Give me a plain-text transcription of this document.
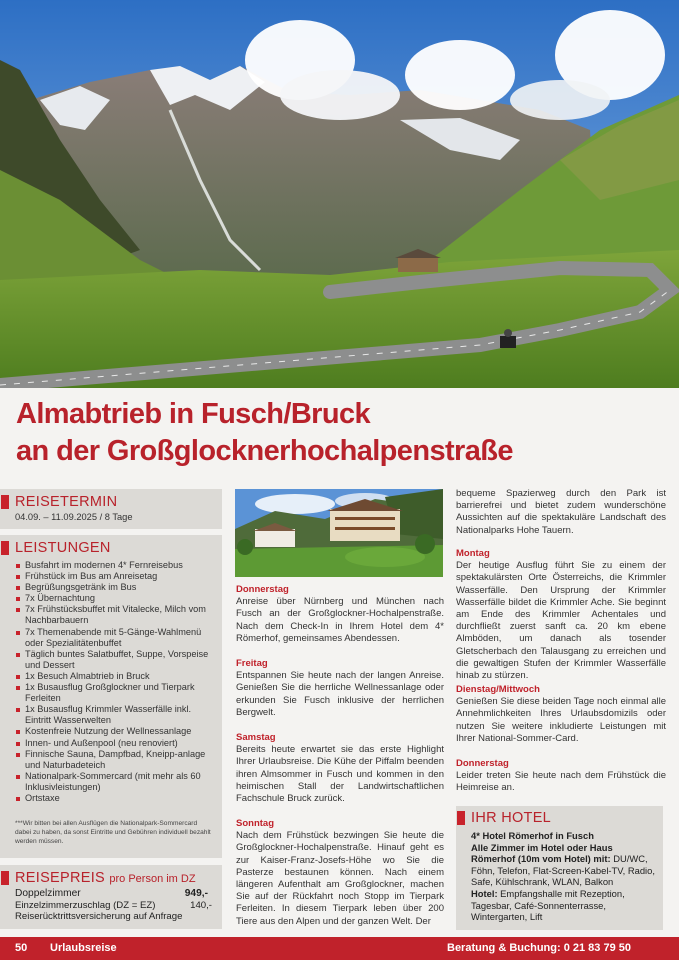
Almabtrieb in Fusch/Bruck
an der Großglocknerhochalpenstraße
REISETERMIN
04.09. – 11.09.2025 / 8 Tage
LEISTUNGEN
Busfahrt im modernen 4* Fernreisebus
Frühstück im Bus am Anreisetag
Begrüßungsgetränk im Bus
7x Übernachtung
7x Frühstücksbuffet mit Vitalecke, Milch vom Nachbarbauern
7x Themenabende mit 5-Gänge-Wahlmenü oder Spezialitätenbuffet
Täglich buntes Salatbuffet, Suppe, Vorspeise und Dessert
1x Besuch Almabtrieb in Bruck
1x Busausflug Großglockner und Tierpark Ferleiten
1x Busausflug Krimmler Wasserfälle inkl. Eintritt Wasserwelten
Kostenfreie Nutzung der Wellnessanlage
Innen- und Außenpool (neu renoviert)
Finnische Sauna, Dampfbad, Kneipp-anlage und Naturbadeteich
Nationalpark-Sommercard (mit mehr als 60 Inklusivleistungen)
Ortstaxe
***Wir bitten bei allen Ausflügen die Nationalpark-Sommercard dabei zu haben, da sonst Eintritte und Gebühren individuell bezahlt werden müssen.
REISEPREIS pro Person im DZ
Doppelzimmer	949,-
Einzelzimmerzuschlag (DZ = EZ)	140,-
Reiserücktrittsversicherung auf Anfrage
Donnerstag
Anreise über Nürnberg und München nach Fusch an der Großglockner-Hochalpenstraße. Nach dem Check-In in Ihrem Hotel dem 4* Römerhof, gemeinsames Abendessen.
Freitag
Entspannen Sie heute nach der langen Anreise. Genießen Sie die herrliche Wellnessanlage oder erkunden Sie Fusch inklusive der herrlichen Bergwelt.
Samstag
Bereits heute erwartet sie das erste Highlight Ihrer Urlaubsreise. Die Kühe der Piffalm beenden ihren Almsommer in Fusch und kommen in den heimischen Stall der Landwirtschaftlichen Fachschule Bruck zurück.
Sonntag
Nach dem Frühstück bezwingen Sie heute die Großglockner-Hochalpenstraße. Hinauf geht es zur Kaiser-Franz-Josefs-Höhe wo Sie die Pasterze bestaunen können. Nach einem längeren Aufenthalt am Großglockner, machen Sie auf der Rückfahrt noch Stopp im Tierpark Ferleiten. In diesem Tierpark leben über 200 Tiere aus den Alpen und der ganzen Welt. Der
bequeme Spazierweg durch den Park ist barrierefrei und bietet zudem wunderschöne Aussichten auf die spektakuläre Landschaft des Nationalparks Hohe Tauern.
Montag
Der heutige Ausflug führt Sie zu einem der spektakulärsten Orte Österreichs, die Krimmler Wasserfälle. Den Ursprung der Krimmler Wasserfälle bildet die Krimmler Ache. Sie beginnt am Ende des Krimmler Achentales und durchfließt zuerst sanft ca. 20 km ebene Almböden, um danach als tosender Gletscherbach den Talausgang zu erreichen und die gewaltigen Stufen der Krimmler Wasserfälle hinab zu stürzen.
Dienstag/Mittwoch
Genießen Sie diese beiden Tage noch einmal alle Annehmlichkeiten Ihres Urlaubsdomizils oder nutzen Sie weitere inkludierte Leistungen mit Ihrer National-Sommer-Card.
Donnerstag
Leider treten Sie heute nach dem Frühstück die Heimreise an.
IHR HOTEL
4* Hotel Römerhof in Fusch
Alle Zimmer im Hotel oder Haus Römerhof (10m vom Hotel) mit: DU/WC, Föhn, Telefon, Flat-Screen-Kabel-TV, Radio, Safe, Kühlschrank, WLAN, Balkon
Hotel: Empfangshalle mit Rezeption, Tagesbar, Café-Sonnenterrasse, Wintergarten, Lift
50 Urlaubsreise	Beratung & Buchung: 0 21 83 79 50
